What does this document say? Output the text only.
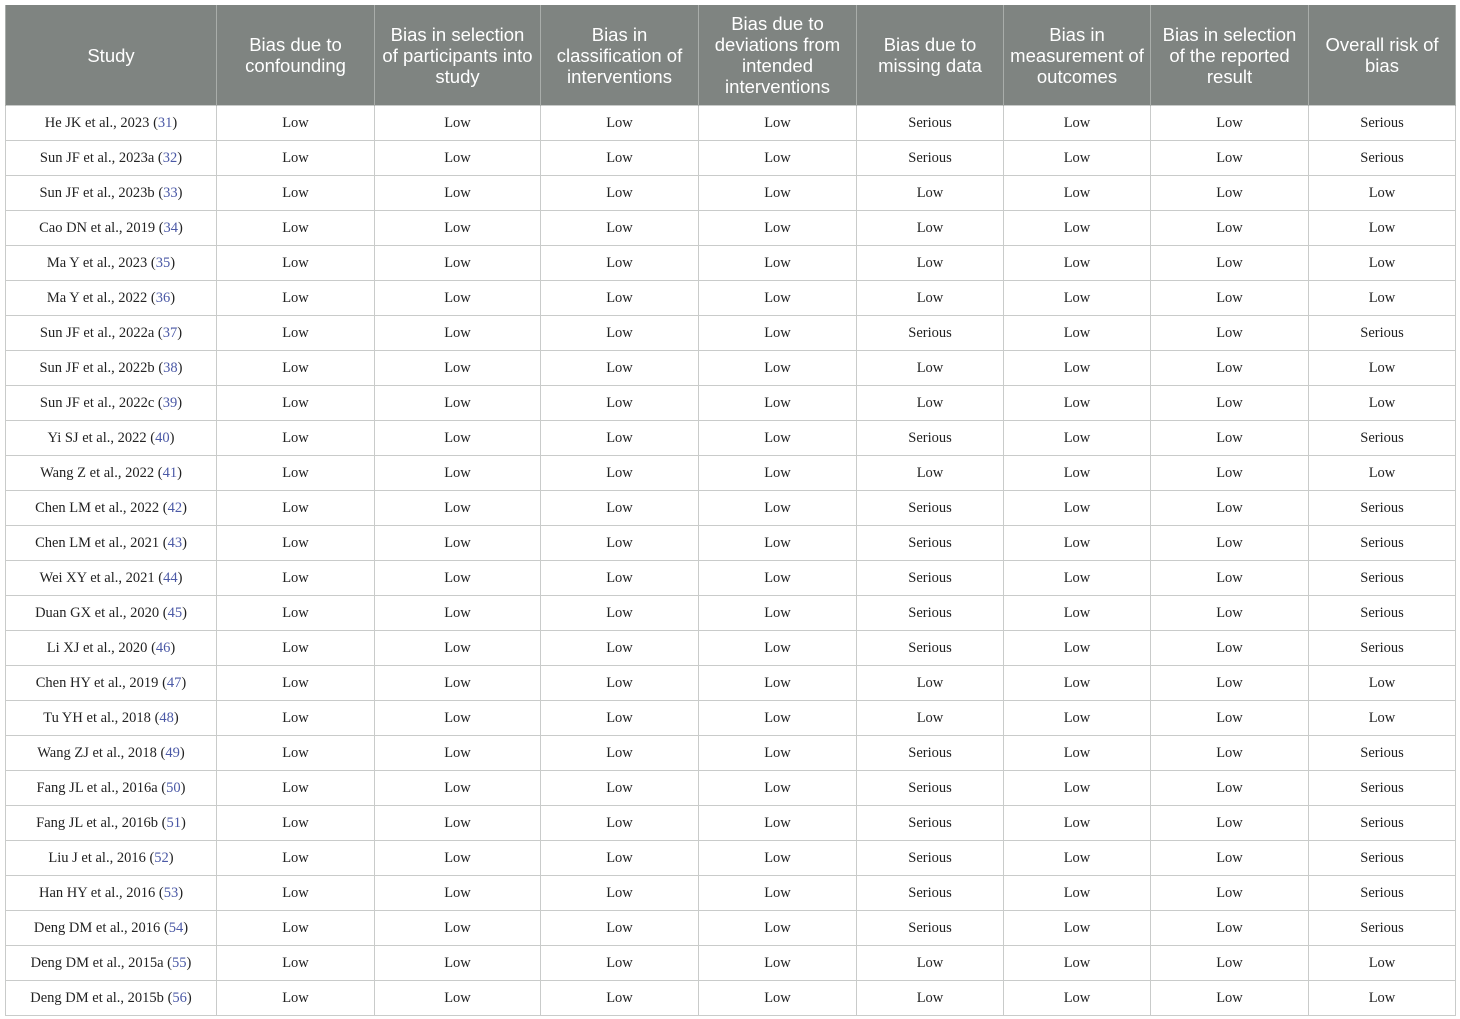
Study	Bias due to confounding	Bias in selection of participants into study	Bias in classification of interventions	Bias due to deviations from intended interventions	Bias due to missing data	Bias in measurement of outcomes	Bias in selection of the reported result	Overall risk of bias
He JK et al., 2023 (31)	Low	Low	Low	Low	Serious	Low	Low	Serious
Sun JF et al., 2023a (32)	Low	Low	Low	Low	Serious	Low	Low	Serious
Sun JF et al., 2023b (33)	Low	Low	Low	Low	Low	Low	Low	Low
Cao DN et al., 2019 (34)	Low	Low	Low	Low	Low	Low	Low	Low
Ma Y et al., 2023 (35)	Low	Low	Low	Low	Low	Low	Low	Low
Ma Y et al., 2022 (36)	Low	Low	Low	Low	Low	Low	Low	Low
Sun JF et al., 2022a (37)	Low	Low	Low	Low	Serious	Low	Low	Serious
Sun JF et al., 2022b (38)	Low	Low	Low	Low	Low	Low	Low	Low
Sun JF et al., 2022c (39)	Low	Low	Low	Low	Low	Low	Low	Low
Yi SJ et al., 2022 (40)	Low	Low	Low	Low	Serious	Low	Low	Serious
Wang Z et al., 2022 (41)	Low	Low	Low	Low	Low	Low	Low	Low
Chen LM et al., 2022 (42)	Low	Low	Low	Low	Serious	Low	Low	Serious
Chen LM et al., 2021 (43)	Low	Low	Low	Low	Serious	Low	Low	Serious
Wei XY et al., 2021 (44)	Low	Low	Low	Low	Serious	Low	Low	Serious
Duan GX et al., 2020 (45)	Low	Low	Low	Low	Serious	Low	Low	Serious
Li XJ et al., 2020 (46)	Low	Low	Low	Low	Serious	Low	Low	Serious
Chen HY et al., 2019 (47)	Low	Low	Low	Low	Low	Low	Low	Low
Tu YH et al., 2018 (48)	Low	Low	Low	Low	Low	Low	Low	Low
Wang ZJ et al., 2018 (49)	Low	Low	Low	Low	Serious	Low	Low	Serious
Fang JL et al., 2016a (50)	Low	Low	Low	Low	Serious	Low	Low	Serious
Fang JL et al., 2016b (51)	Low	Low	Low	Low	Serious	Low	Low	Serious
Liu J et al., 2016 (52)	Low	Low	Low	Low	Serious	Low	Low	Serious
Han HY et al., 2016 (53)	Low	Low	Low	Low	Serious	Low	Low	Serious
Deng DM et al., 2016 (54)	Low	Low	Low	Low	Serious	Low	Low	Serious
Deng DM et al., 2015a (55)	Low	Low	Low	Low	Low	Low	Low	Low
Deng DM et al., 2015b (56)	Low	Low	Low	Low	Low	Low	Low	Low
